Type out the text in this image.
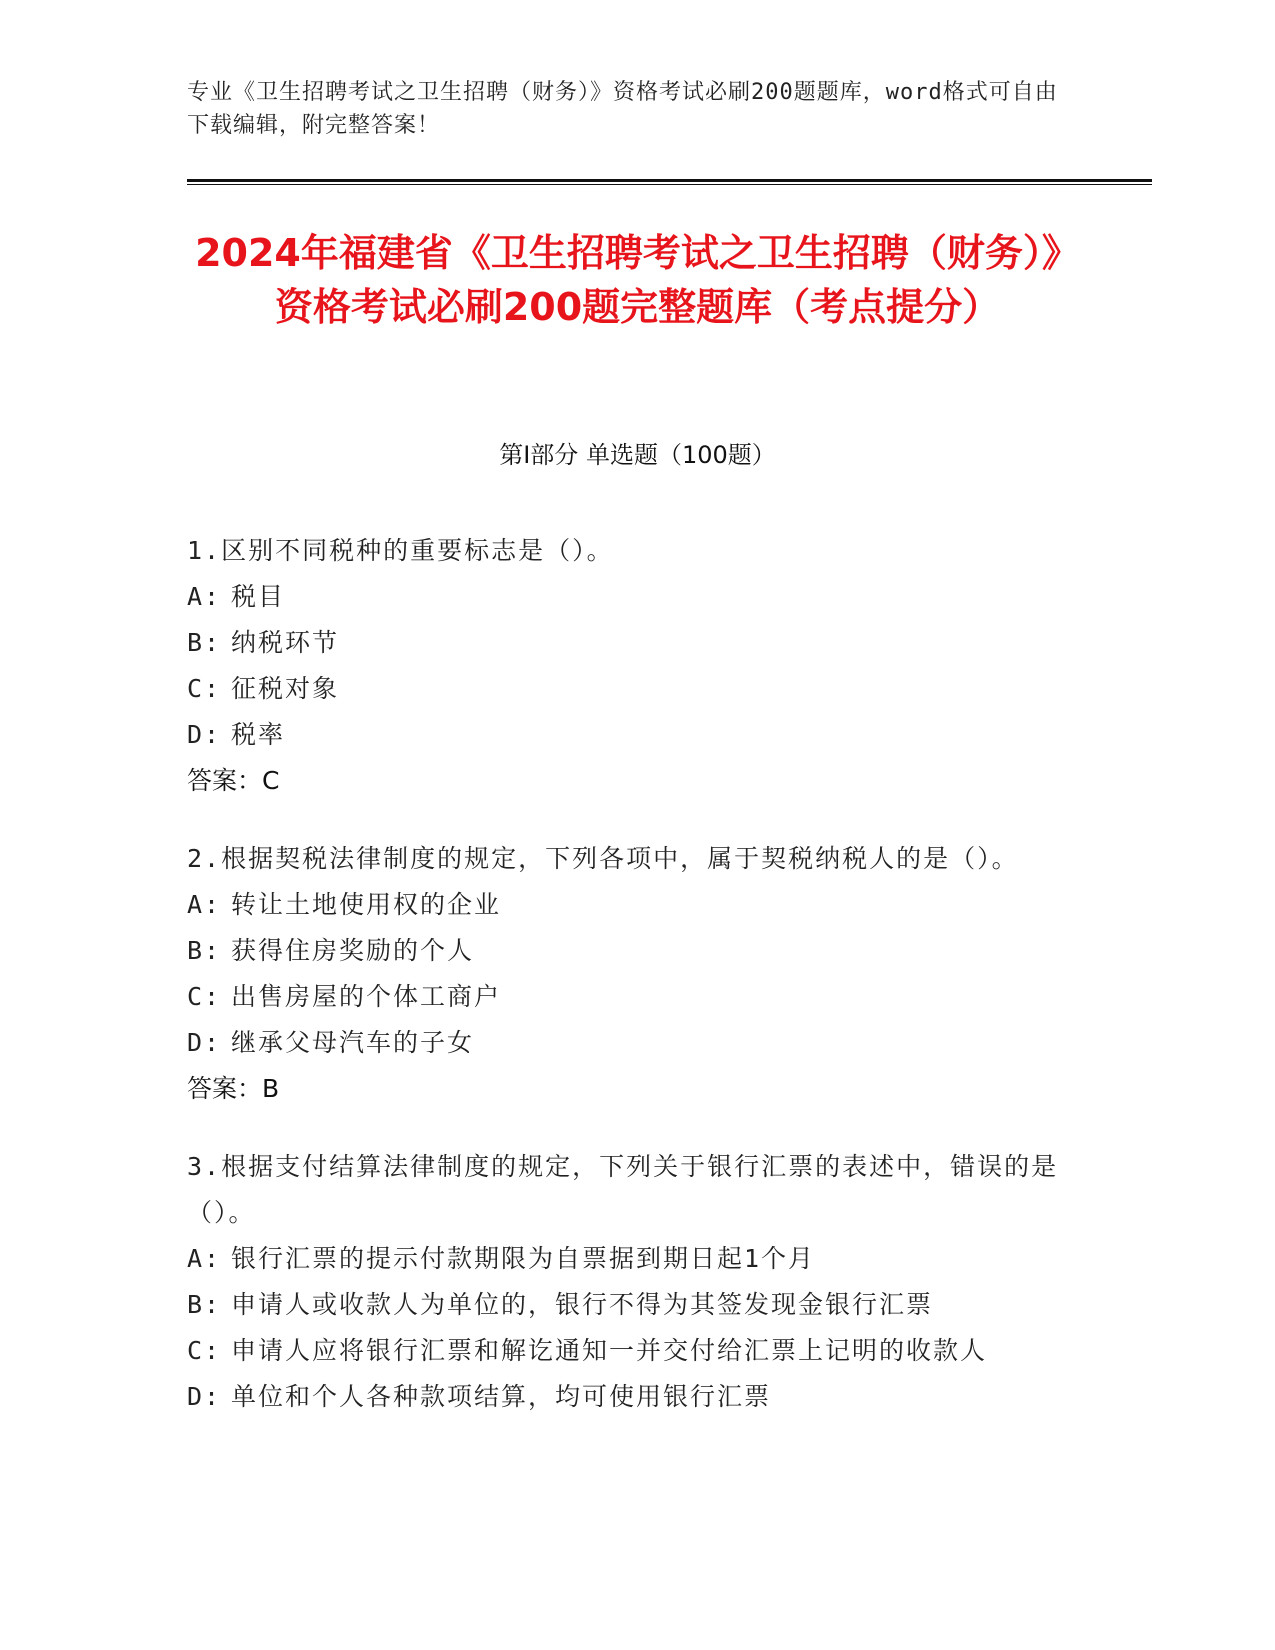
专业《卫生招聘考试之卫生招聘（财务）》资格考试必刷200题题库，word格式可自由下载编辑，附完整答案！
2024年福建省《卫生招聘考试之卫生招聘（财务）》资格考试必刷200题完整题库（考点提分）
第Ⅰ部分 单选题（100题）
1.区别不同税种的重要标志是（）。
A: 税目
B: 纳税环节
C: 征税对象
D: 税率
答案：C
2.根据契税法律制度的规定，下列各项中，属于契税纳税人的是（）。
A: 转让土地使用权的企业
B: 获得住房奖励的个人
C: 出售房屋的个体工商户
D: 继承父母汽车的子女
答案：B
3.根据支付结算法律制度的规定，下列关于银行汇票的表述中，错误的是（）。
A: 银行汇票的提示付款期限为自票据到期日起1个月
B: 申请人或收款人为单位的，银行不得为其签发现金银行汇票
C: 申请人应将银行汇票和解讫通知一并交付给汇票上记明的收款人
D: 单位和个人各种款项结算，均可使用银行汇票
